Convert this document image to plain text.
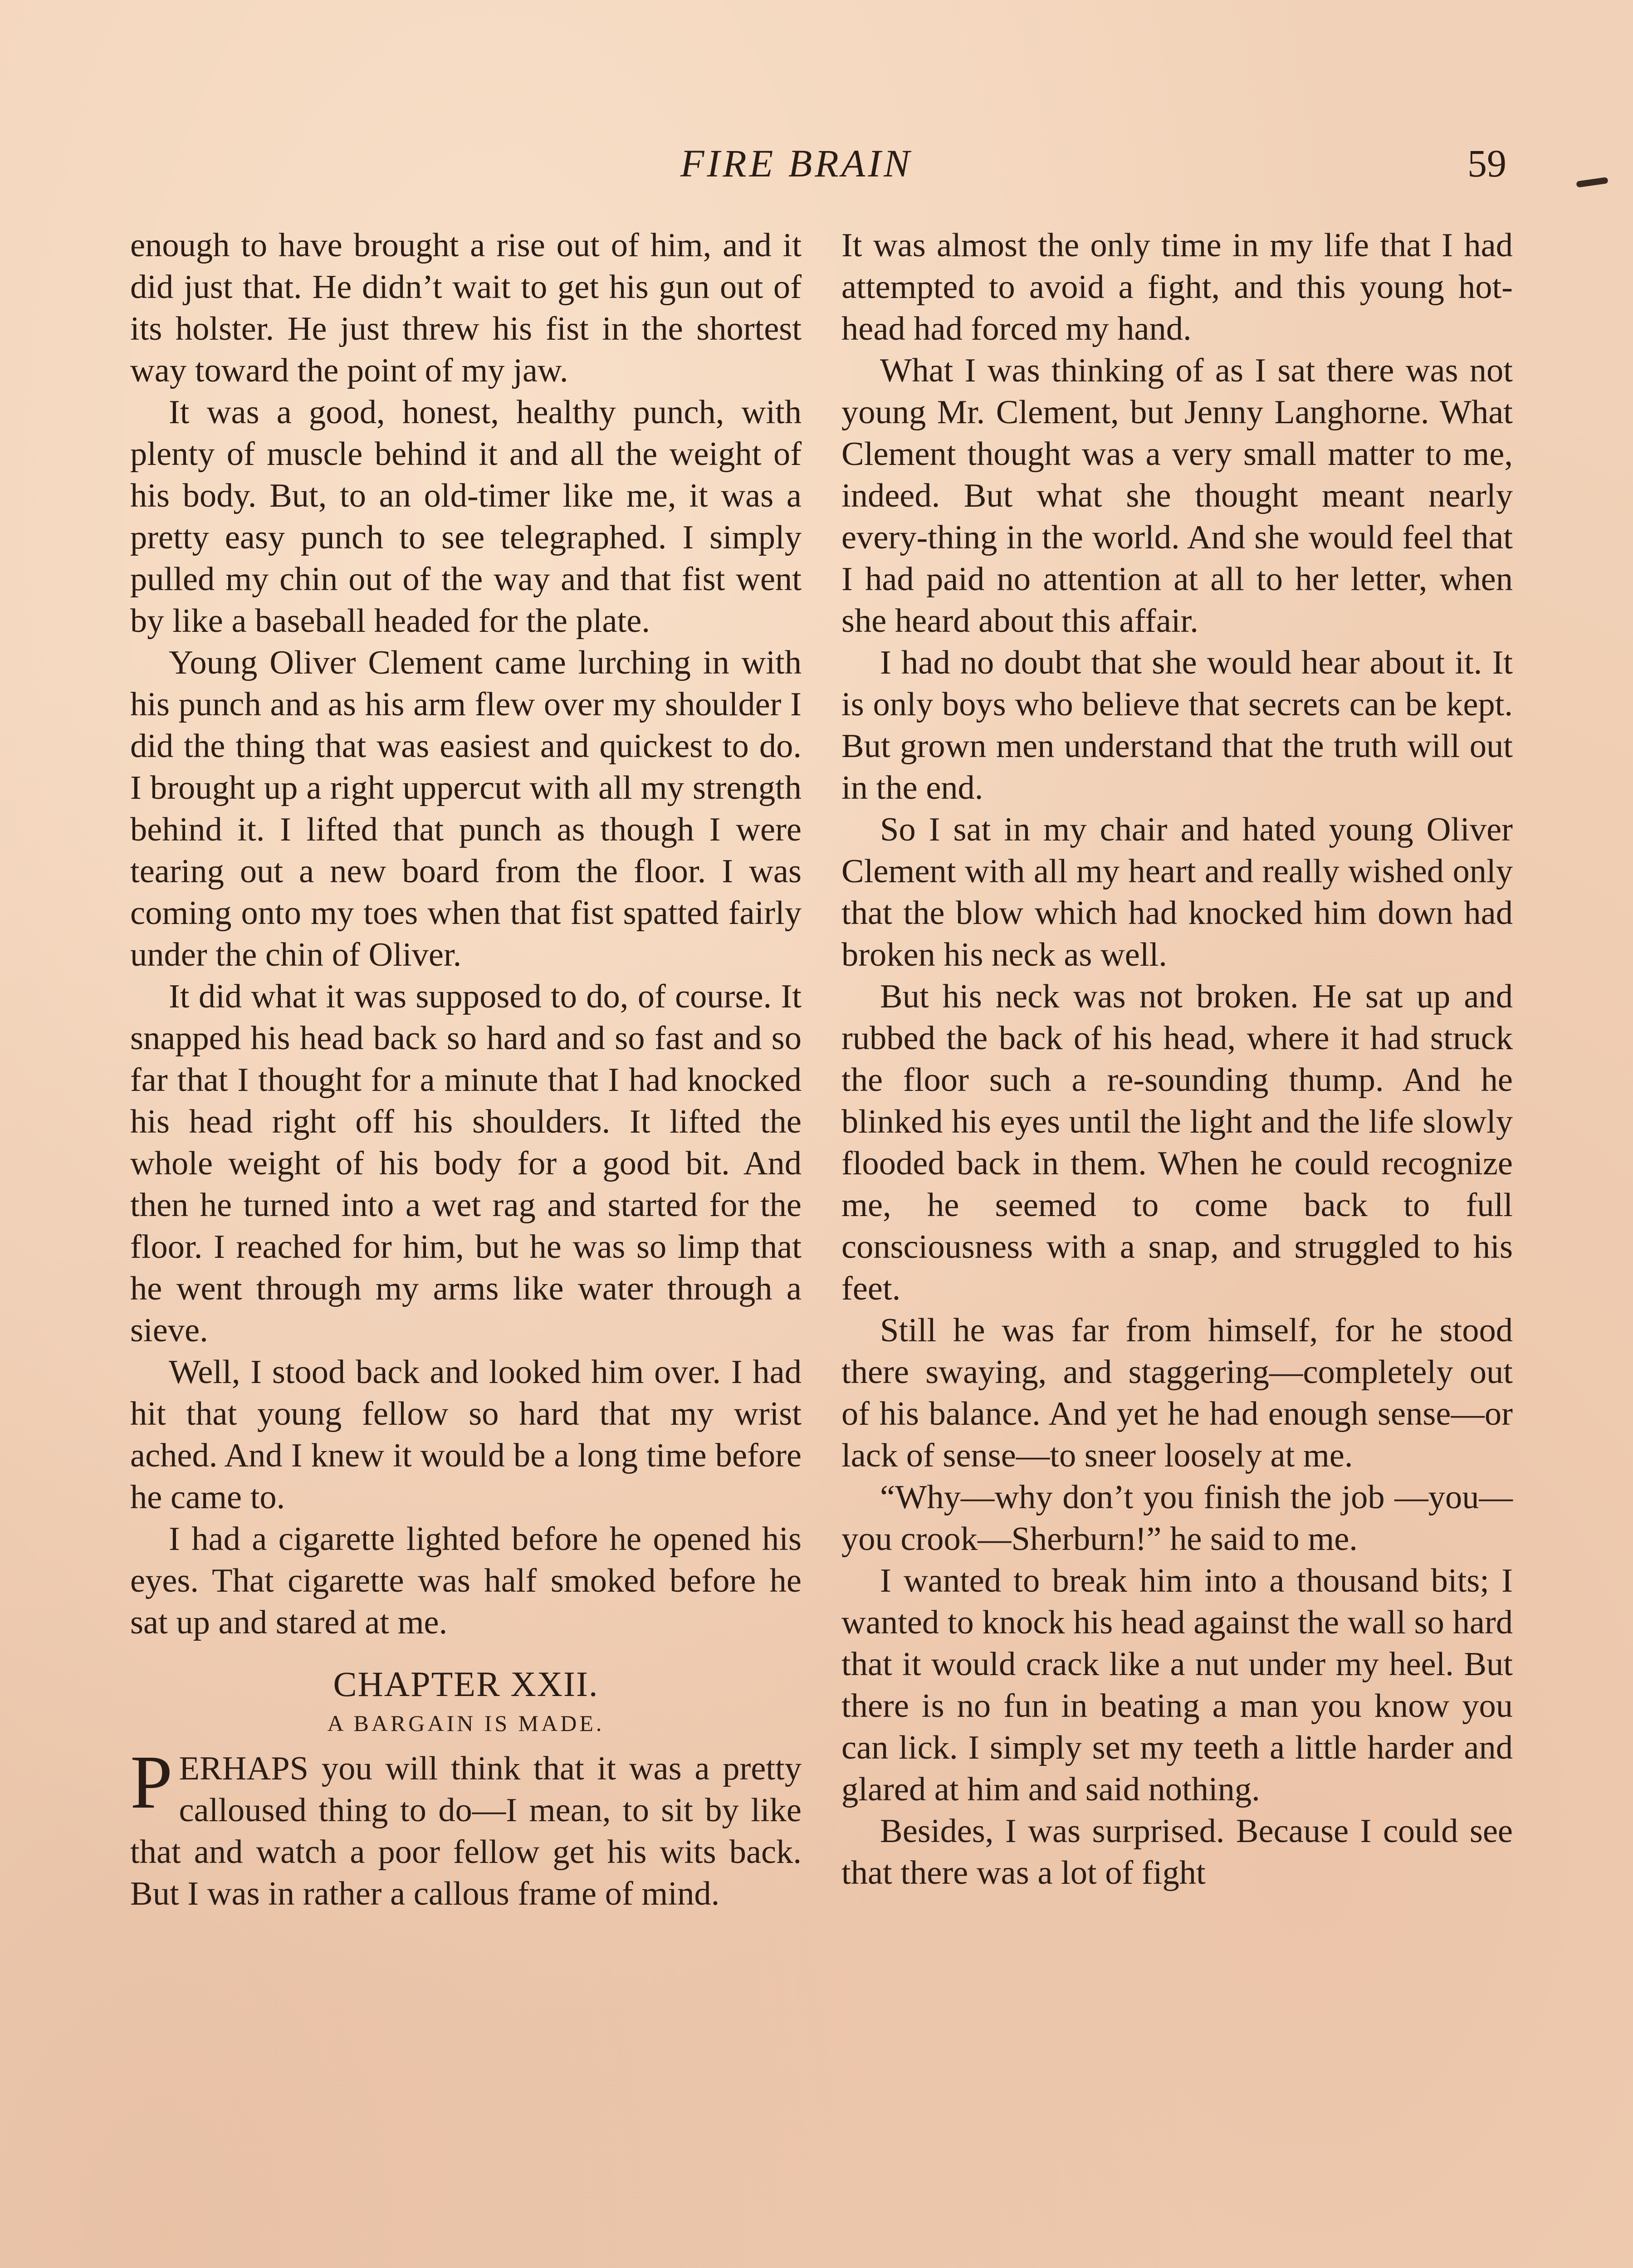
FIRE BRAIN	59

enough to have brought a rise out of him, and it did just that. He didn’t wait to get his gun out of its holster. He just threw his fist in the shortest way toward the point of my jaw.

It was a good, honest, healthy punch, with plenty of muscle behind it and all the weight of his body. But, to an old-timer like me, it was a pretty easy punch to see telegraphed. I simply pulled my chin out of the way and that fist went by like a baseball headed for the plate.

Young Oliver Clement came lurching in with his punch and as his arm flew over my shoulder I did the thing that was easiest and quickest to do. I brought up a right uppercut with all my strength behind it. I lifted that punch as though I were tearing out a new board from the floor. I was coming onto my toes when that fist spatted fairly under the chin of Oliver.

It did what it was supposed to do, of course. It snapped his head back so hard and so fast and so far that I thought for a minute that I had knocked his head right off his shoulders. It lifted the whole weight of his body for a good bit. And then he turned into a wet rag and started for the floor. I reached for him, but he was so limp that he went through my arms like water through a sieve.

Well, I stood back and looked him over. I had hit that young fellow so hard that my wrist ached. And I knew it would be a long time before he came to.

I had a cigarette lighted before he opened his eyes. That cigarette was half smoked before he sat up and stared at me.

CHAPTER XXII.
A BARGAIN IS MADE.

PERHAPS you will think that it was a pretty calloused thing to do—I mean, to sit by like that and watch a poor fellow get his wits back. But I was in rather a callous frame of mind.

It was almost the only time in my life that I had attempted to avoid a fight, and this young hot-head had forced my hand.

What I was thinking of as I sat there was not young Mr. Clement, but Jenny Langhorne. What Clement thought was a very small matter to me, indeed. But what she thought meant nearly every-thing in the world. And she would feel that I had paid no attention at all to her letter, when she heard about this affair.

I had no doubt that she would hear about it. It is only boys who believe that secrets can be kept. But grown men understand that the truth will out in the end.

So I sat in my chair and hated young Oliver Clement with all my heart and really wished only that the blow which had knocked him down had broken his neck as well.

But his neck was not broken. He sat up and rubbed the back of his head, where it had struck the floor such a re-sounding thump. And he blinked his eyes until the light and the life slowly flooded back in them. When he could recognize me, he seemed to come back to full consciousness with a snap, and struggled to his feet.

Still he was far from himself, for he stood there swaying, and staggering—completely out of his balance. And yet he had enough sense—or lack of sense—to sneer loosely at me.

“Why—why don’t you finish the job —you—you crook—Sherburn!” he said to me.

I wanted to break him into a thousand bits; I wanted to knock his head against the wall so hard that it would crack like a nut under my heel. But there is no fun in beating a man you know you can lick. I simply set my teeth a little harder and glared at him and said nothing.

Besides, I was surprised. Because I could see that there was a lot of fight
